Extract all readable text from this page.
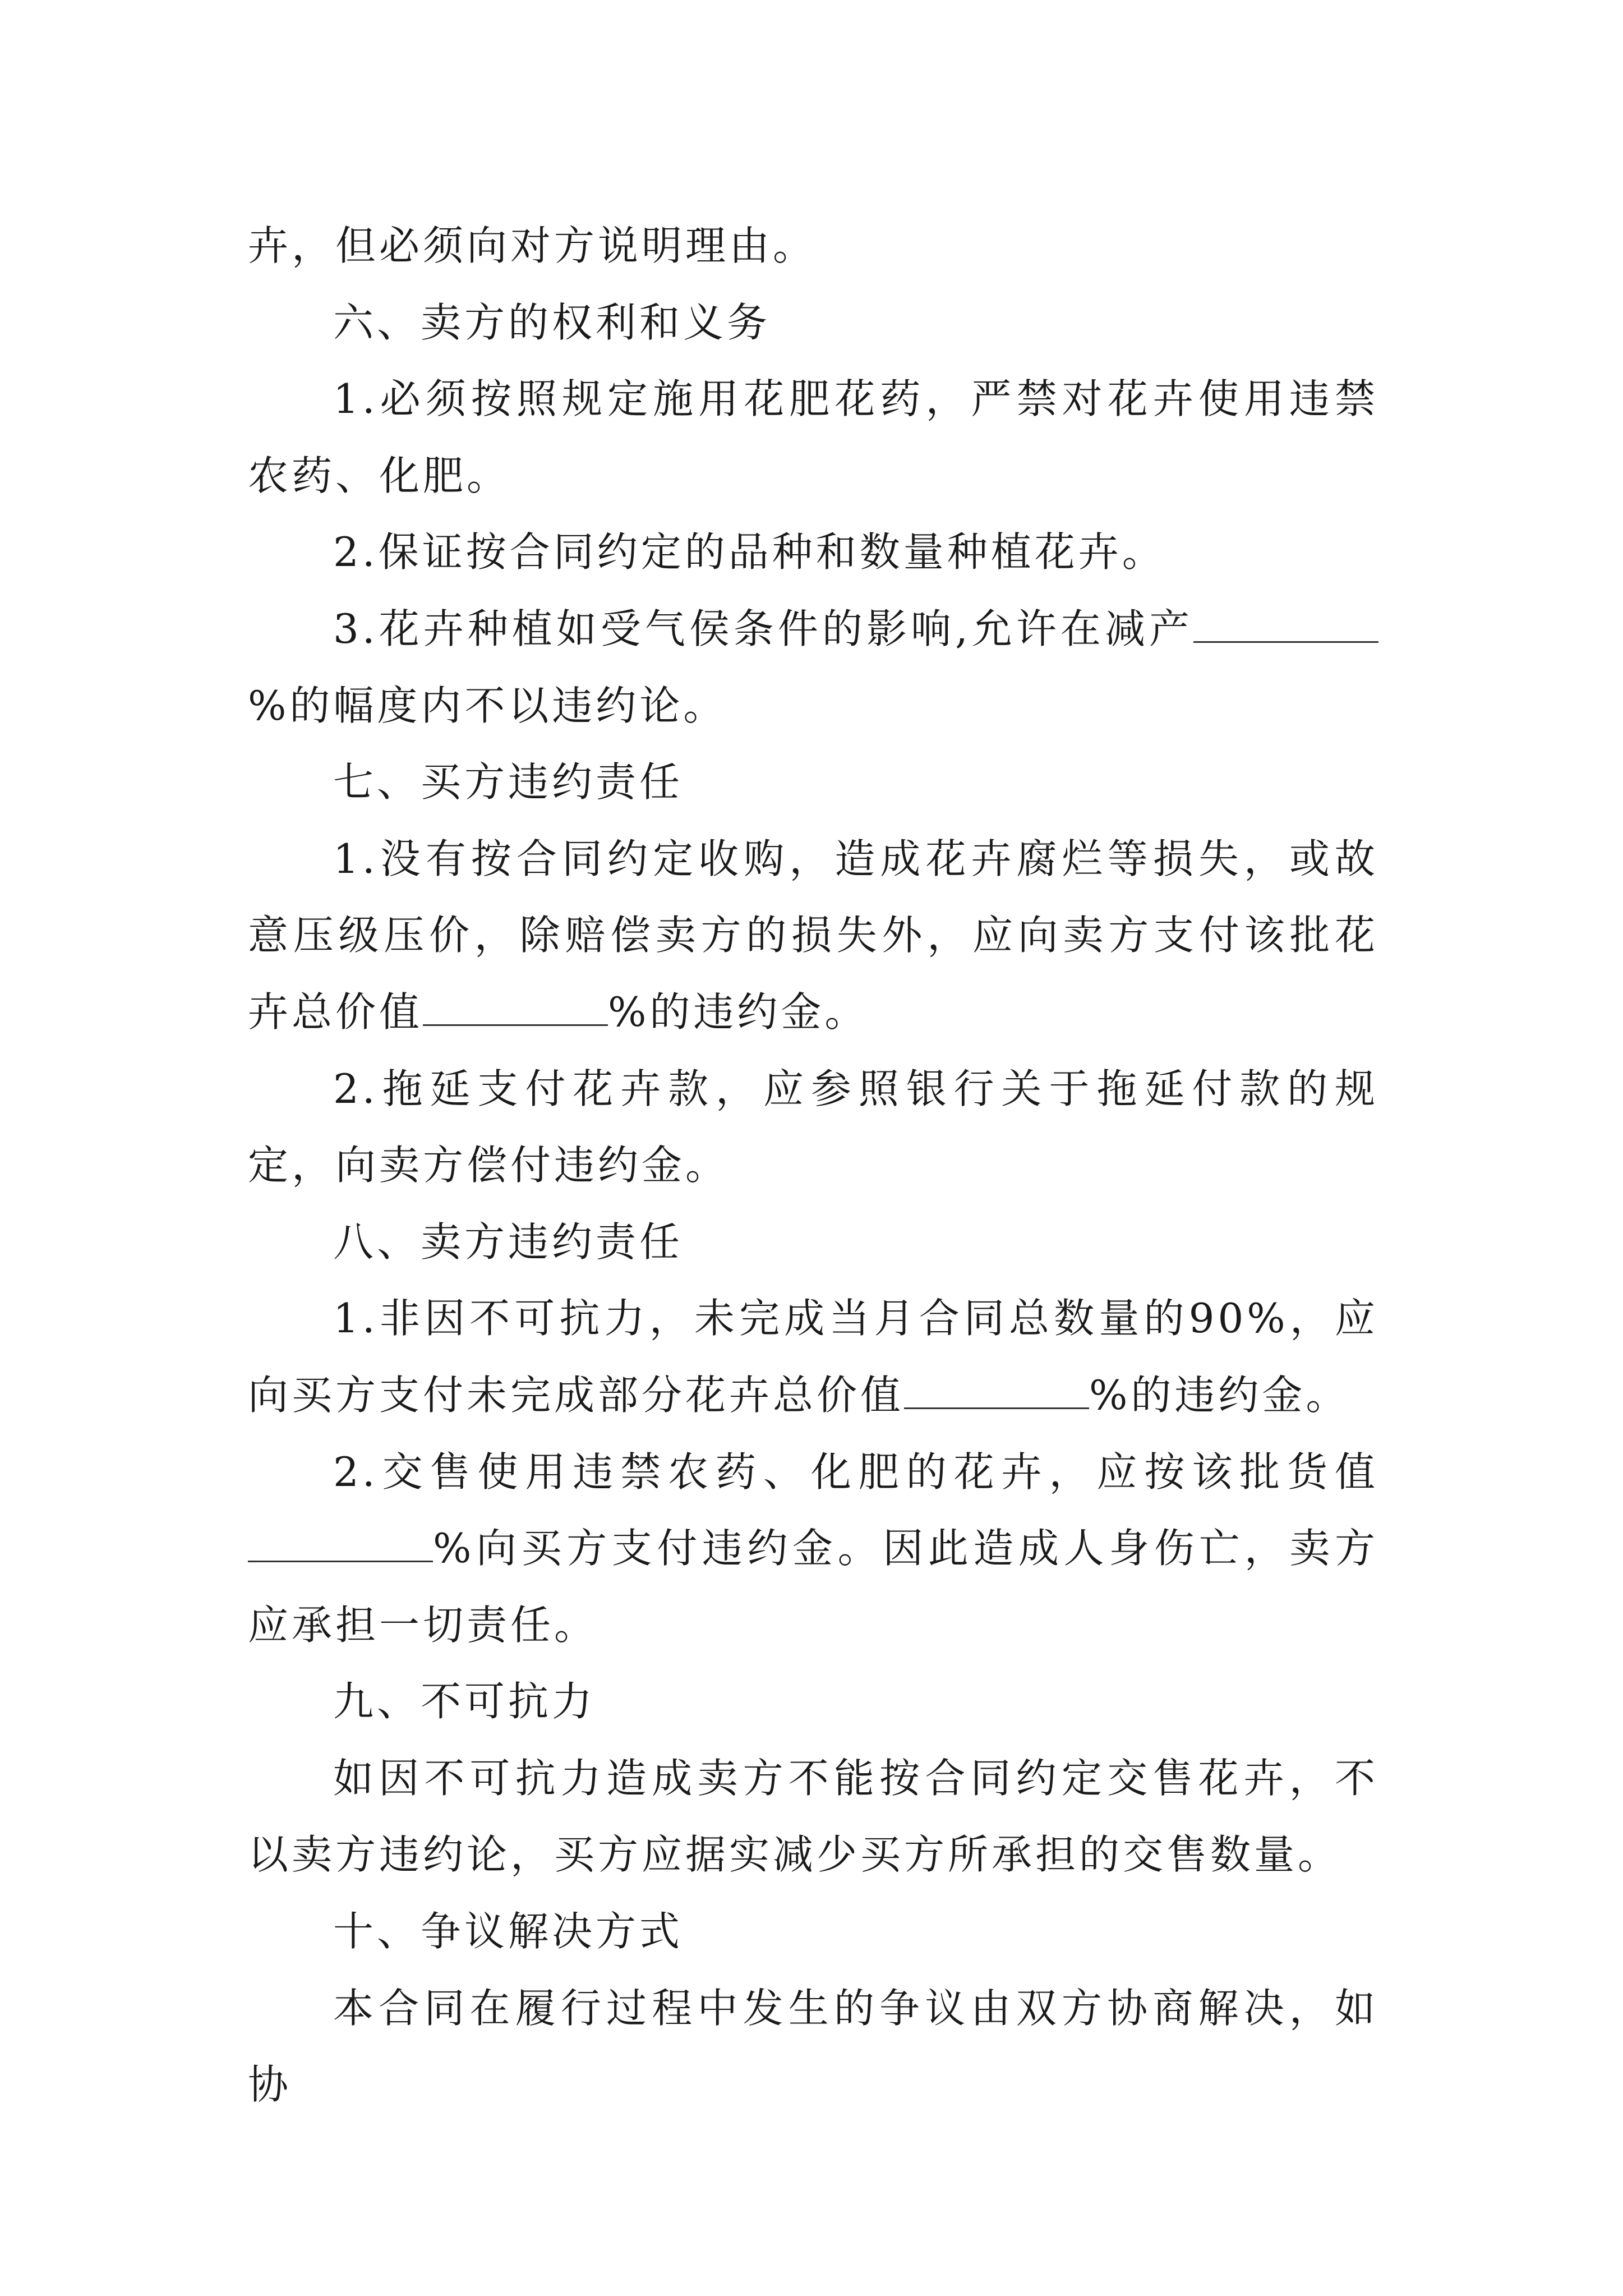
卉，但必须向对方说明理由。

六、卖方的权利和义务

1.必须按照规定施用花肥花药，严禁对花卉使用违禁农药、化肥。

2.保证按合同约定的品种和数量种植花卉。

3.花卉种植如受气侯条件的影响,允许在减产%的幅度内不以违约论。

七、买方违约责任

1.没有按合同约定收购，造成花卉腐烂等损失，或故意压级压价，除赔偿卖方的损失外，应向卖方支付该批花卉总价值	%的违约金。

2.拖延支付花卉款，应参照银行关于拖延付款的规定，向卖方偿付违约金。

八、卖方违约责任

1.非因不可抗力，未完成当月合同总数量的90%，应向买方支付未完成部分花卉总价值	%的违约金。

2.交售使用违禁农药、化肥的花卉，应按该批货值%向买方支付违约金。因此造成人身伤亡，卖方应承担一切责任。

九、不可抗力

如因不可抗力造成卖方不能按合同约定交售花卉，不以卖方违约论，买方应据实减少买方所承担的交售数量。

十、争议解决方式

本合同在履行过程中发生的争议由双方协商解决，如协
